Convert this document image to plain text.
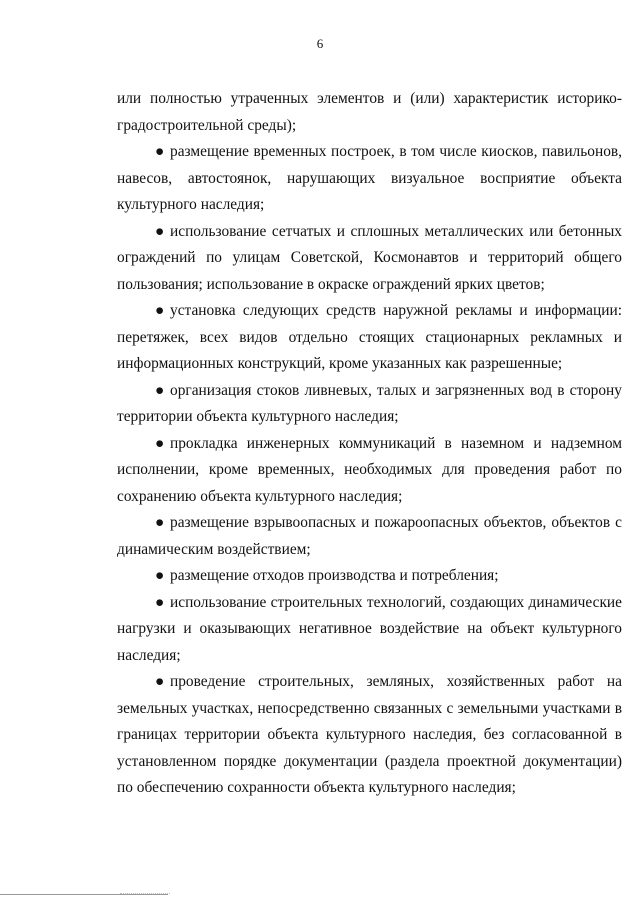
6

или полностью утраченных элементов и (или) характеристик историко-градостроительной среды);

● размещение временных построек, в том числе киосков, павильонов, навесов, автостоянок, нарушающих визуальное восприятие объекта культурного наследия;

● использование сетчатых и сплошных металлических или бетонных ограждений по улицам Советской, Космонавтов и территорий общего пользования; использование в окраске ограждений ярких цветов;

● установка следующих средств наружной рекламы и информации: перетяжек, всех видов отдельно стоящих стационарных рекламных и информационных конструкций, кроме указанных как разрешенные;

● организация стоков ливневых, талых и загрязненных вод в сторону территории объекта культурного наследия;

● прокладка инженерных коммуникаций в наземном и надземном исполнении, кроме временных, необходимых для проведения работ по сохранению объекта культурного наследия;

● размещение взрывоопасных и пожароопасных объектов, объектов с динамическим воздействием;

● размещение отходов производства и потребления;

● использование строительных технологий, создающих динамические нагрузки и оказывающих негативное воздействие на объект культурного наследия;

● проведение строительных, земляных, хозяйственных работ на земельных участках, непосредственно связанных с земельными участками в границах территории объекта культурного наследия, без согласованной в установленном порядке документации (раздела проектной документации) по обеспечению сохранности объекта культурного наследия;
